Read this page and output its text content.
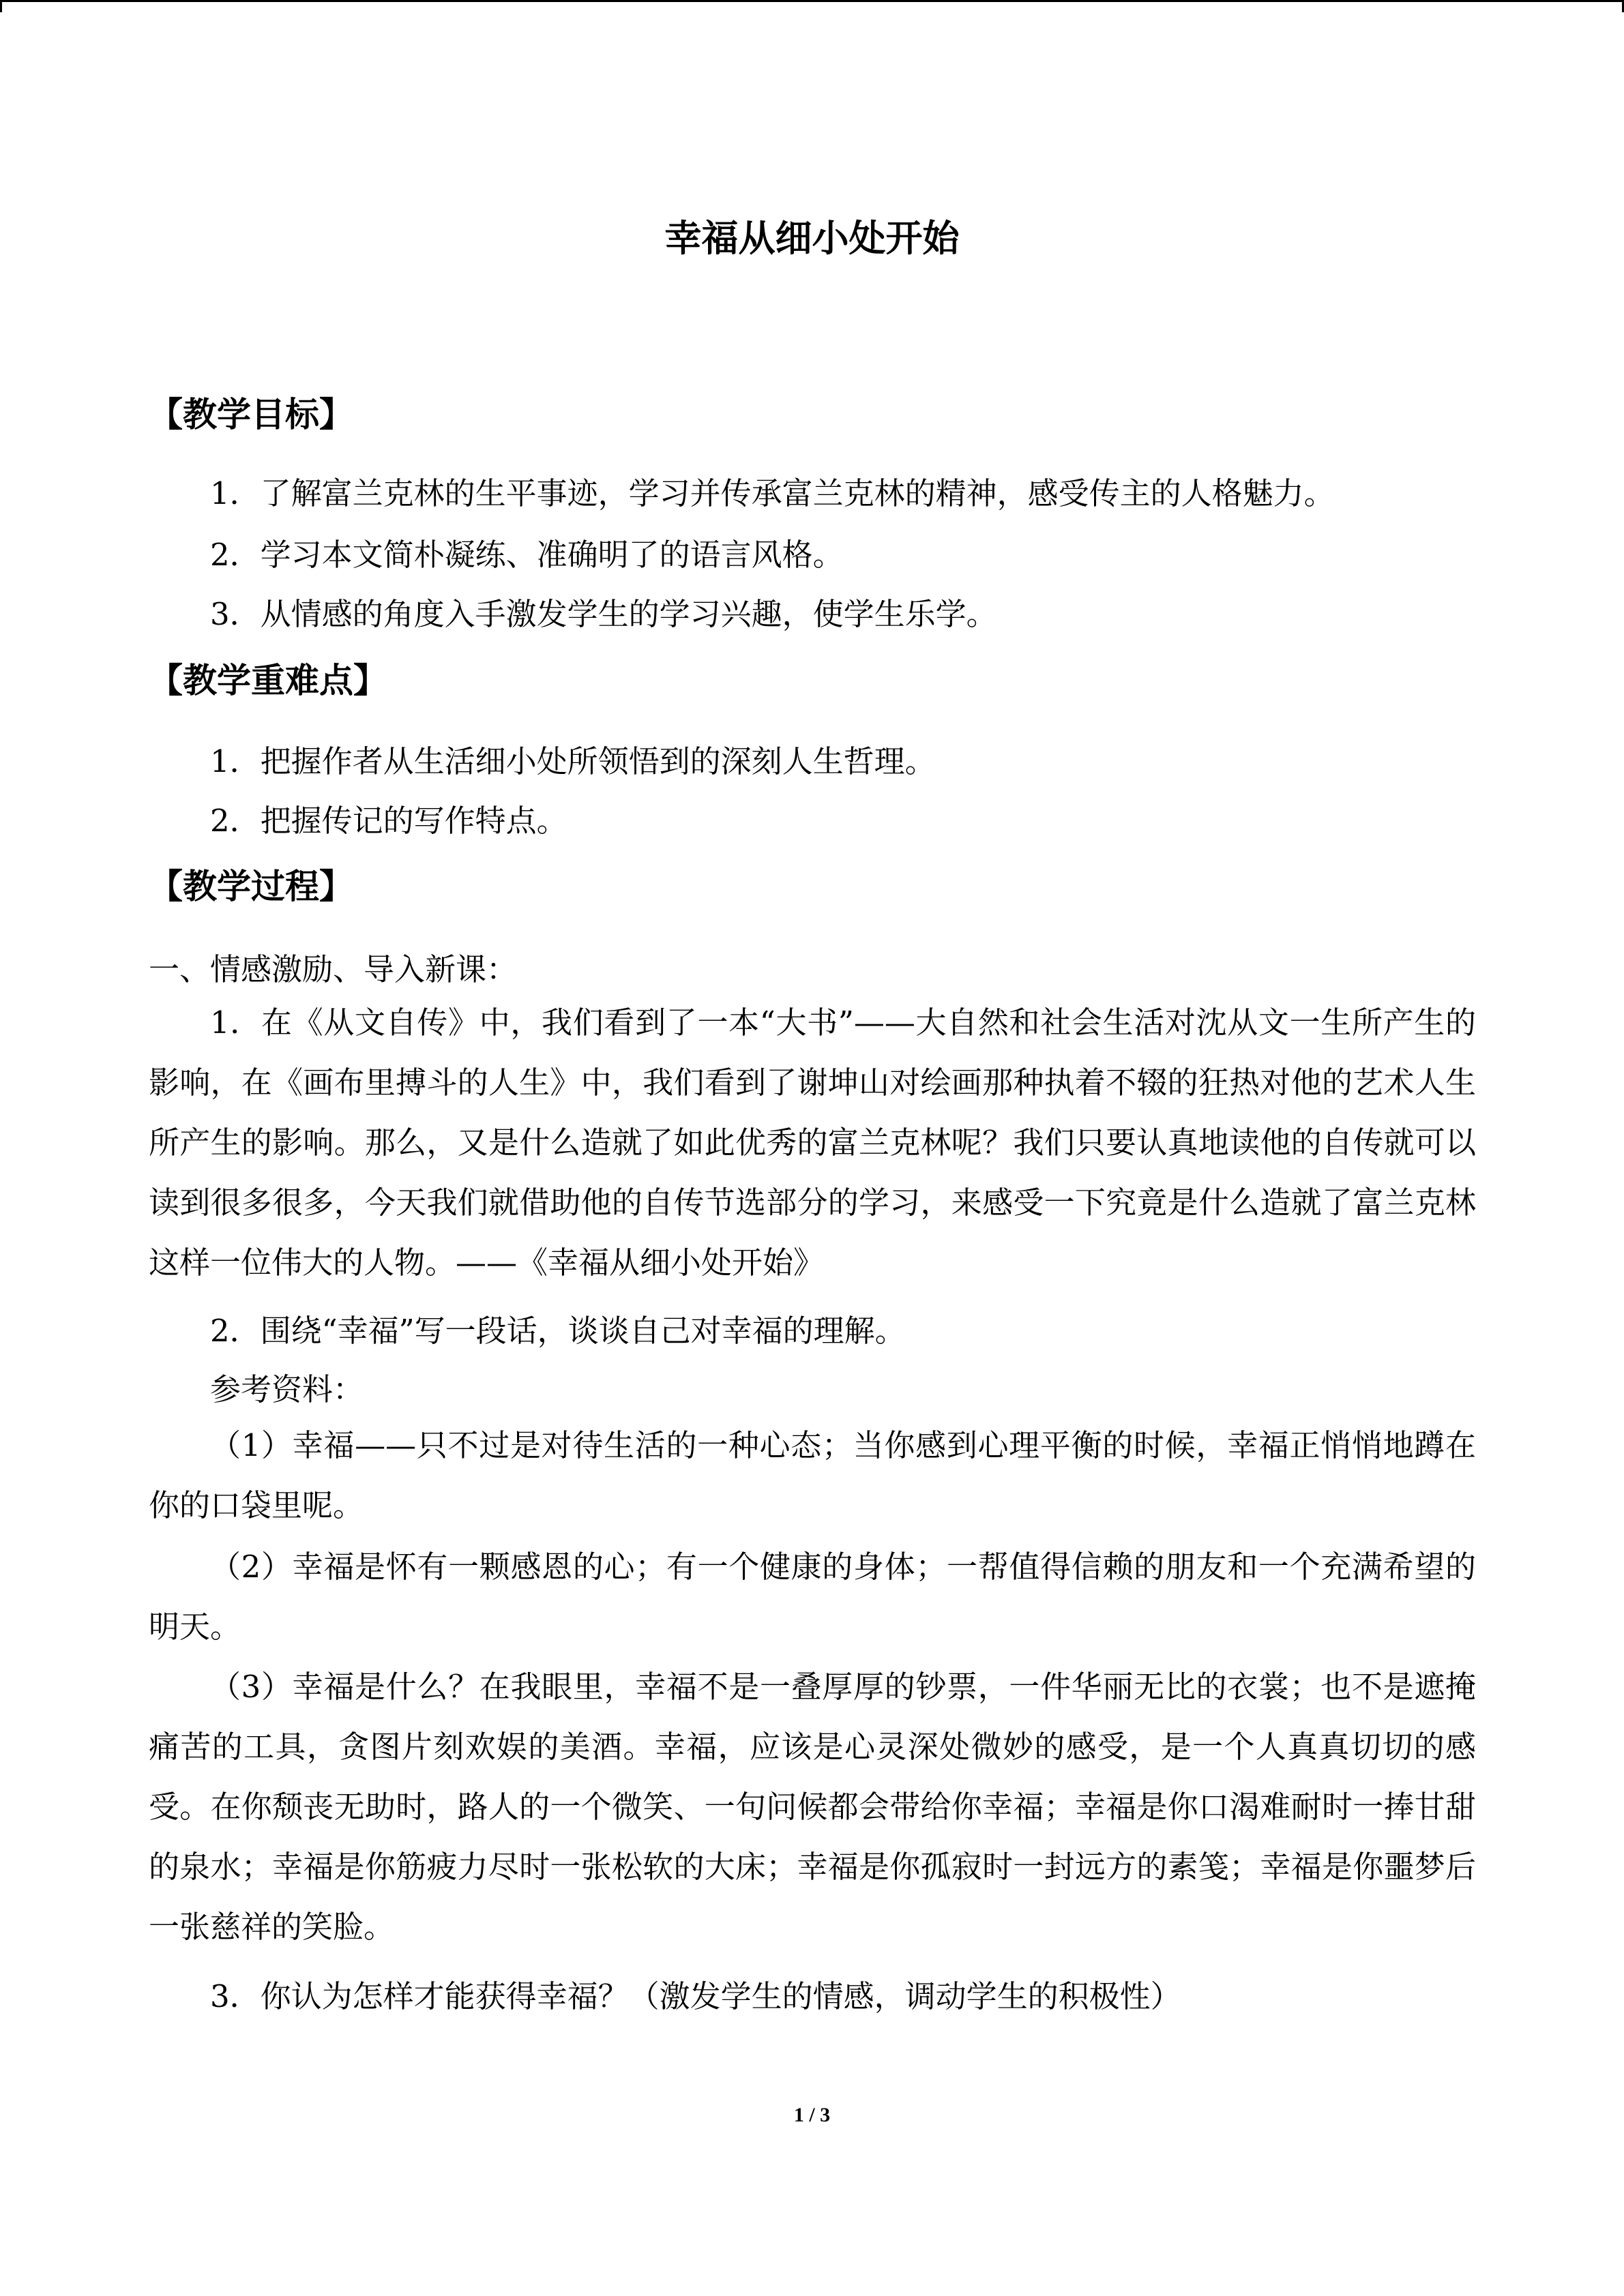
幸福从细小处开始
【教学目标】
1．了解富兰克林的生平事迹，学习并传承富兰克林的精神，感受传主的人格魅力。
2．学习本文简朴凝练、准确明了的语言风格。
3．从情感的角度入手激发学生的学习兴趣，使学生乐学。
【教学重难点】
1．把握作者从生活细小处所领悟到的深刻人生哲理。
2．把握传记的写作特点。
【教学过程】
一、情感激励、导入新课：
1．在《从文自传》中，我们看到了一本“大书”——大自然和社会生活对沈从文一生所产生的影响，在《画布里搏斗的人生》中，我们看到了谢坤山对绘画那种执着不辍的狂热对他的艺术人生所产生的影响。那么，又是什么造就了如此优秀的富兰克林呢？我们只要认真地读他的自传就可以读到很多很多，今天我们就借助他的自传节选部分的学习，来感受一下究竟是什么造就了富兰克林这样一位伟大的人物。——《幸福从细小处开始》
2．围绕“幸福”写一段话，谈谈自己对幸福的理解。
参考资料：
（1）幸福——只不过是对待生活的一种心态；当你感到心理平衡的时候，幸福正悄悄地蹲在你的口袋里呢。
（2）幸福是怀有一颗感恩的心；有一个健康的身体；一帮值得信赖的朋友和一个充满希望的明天。
（3）幸福是什么？在我眼里，幸福不是一叠厚厚的钞票，一件华丽无比的衣裳；也不是遮掩痛苦的工具，贪图片刻欢娱的美酒。幸福，应该是心灵深处微妙的感受，是一个人真真切切的感受。在你颓丧无助时，路人的一个微笑、一句问候都会带给你幸福；幸福是你口渴难耐时一捧甘甜的泉水；幸福是你筋疲力尽时一张松软的大床；幸福是你孤寂时一封远方的素笺；幸福是你噩梦后一张慈祥的笑脸。
3．你认为怎样才能获得幸福？（激发学生的情感，调动学生的积极性）
1 / 3
